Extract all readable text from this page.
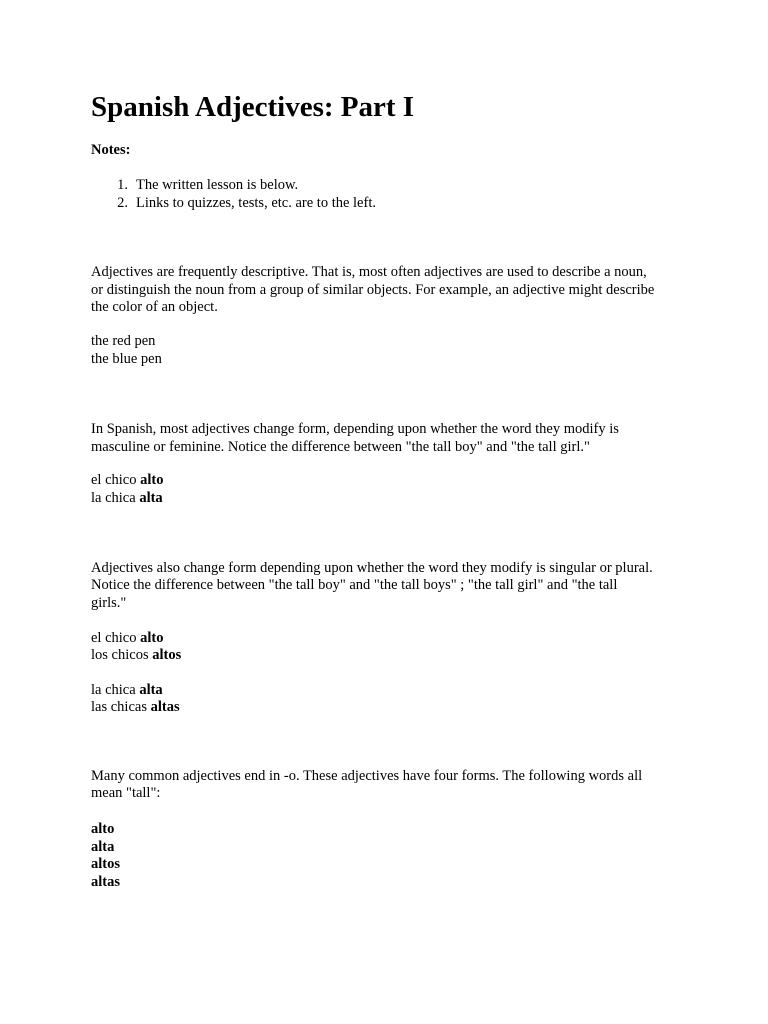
Spanish Adjectives: Part I

Notes:

1. The written lesson is below.
2. Links to quizzes, tests, etc. are to the left.

Adjectives are frequently descriptive. That is, most often adjectives are used to describe a noun,

or distinguish the noun from a group of similar objects. For example, an adjective might describe

the color of an object.

the red pen

the blue pen

In Spanish, most adjectives change form, depending upon whether the word they modify is

masculine or feminine. Notice the difference between "the tall boy" and "the tall girl."

el chico alto

la chica alta

Adjectives also change form depending upon whether the word they modify is singular or plural.

Notice the difference between "the tall boy" and "the tall boys" ; "the tall girl" and "the tall

girls."

el chico alto

los chicos altos

la chica alta

las chicas altas

Many common adjectives end in -o. These adjectives have four forms. The following words all

mean "tall":

alto

alta

altos

altas
